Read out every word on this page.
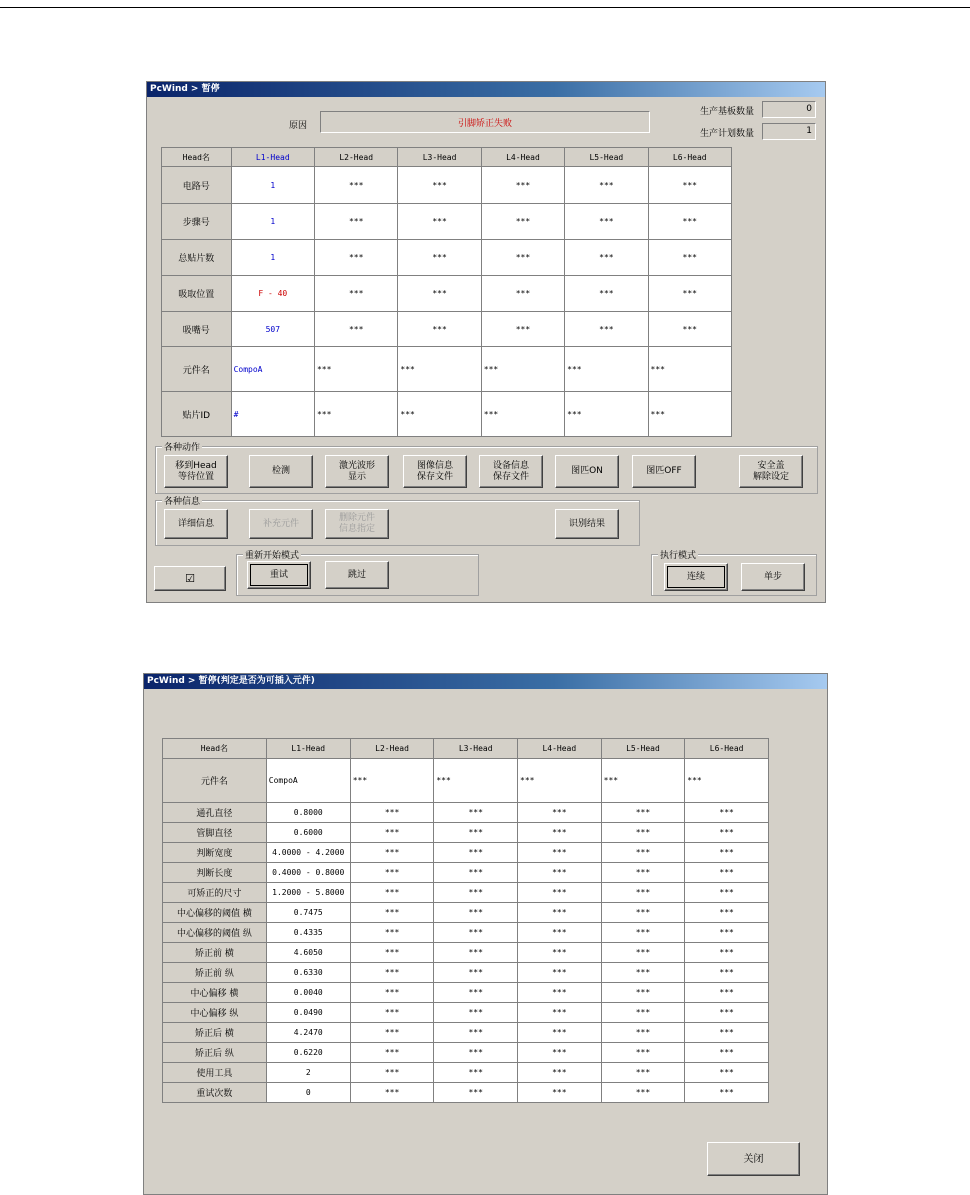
PcWind > 暂停
原因	引脚矫正失败
生产基板数量	0
生产计划数量	1
Head名	L1-Head	L2-Head	L3-Head	L4-Head	L5-Head	L6-Head
电路号	1	***	***	***	***	***
步骤号	1	***	***	***	***	***
总贴片数	1	***	***	***	***	***
吸取位置	F - 40	***	***	***	***	***
吸嘴号	507	***	***	***	***	***
元件名	CompoA	***	***	***	***	***
贴片ID	#	***	***	***	***	***
各种动作
移到Head
等待位置
检测
激光波形
显示
图像信息
保存文件
设备信息
保存文件
图匹ON	图匹OFF
安全盖
解除设定
各种信息
详细信息	补充元件
删除元件
信息指定
识别结果
☑
重新开始模式
重试	跳过
执行模式
连续	单步
PcWind > 暂停(判定是否为可插入元件)
Head名	L1-Head	L2-Head	L3-Head	L4-Head	L5-Head	L6-Head
元件名	CompoA	***	***	***	***	***
通孔直径	0.8000	***	***	***	***	***
管脚直径	0.6000	***	***	***	***	***
判断宽度	4.0000 - 4.2000	***	***	***	***	***
判断长度	0.4000 - 0.8000	***	***	***	***	***
可矫正的尺寸	1.2000 - 5.8000	***	***	***	***	***
中心偏移的阈值 横	0.7475	***	***	***	***	***
中心偏移的阈值 纵	0.4335	***	***	***	***	***
矫正前 横	4.6050	***	***	***	***	***
矫正前 纵	0.6330	***	***	***	***	***
中心偏移 横	0.0040	***	***	***	***	***
中心偏移 纵	0.0490	***	***	***	***	***
矫正后 横	4.2470	***	***	***	***	***
矫正后 纵	0.6220	***	***	***	***	***
使用工具	2	***	***	***	***	***
重试次数	0	***	***	***	***	***
关闭
